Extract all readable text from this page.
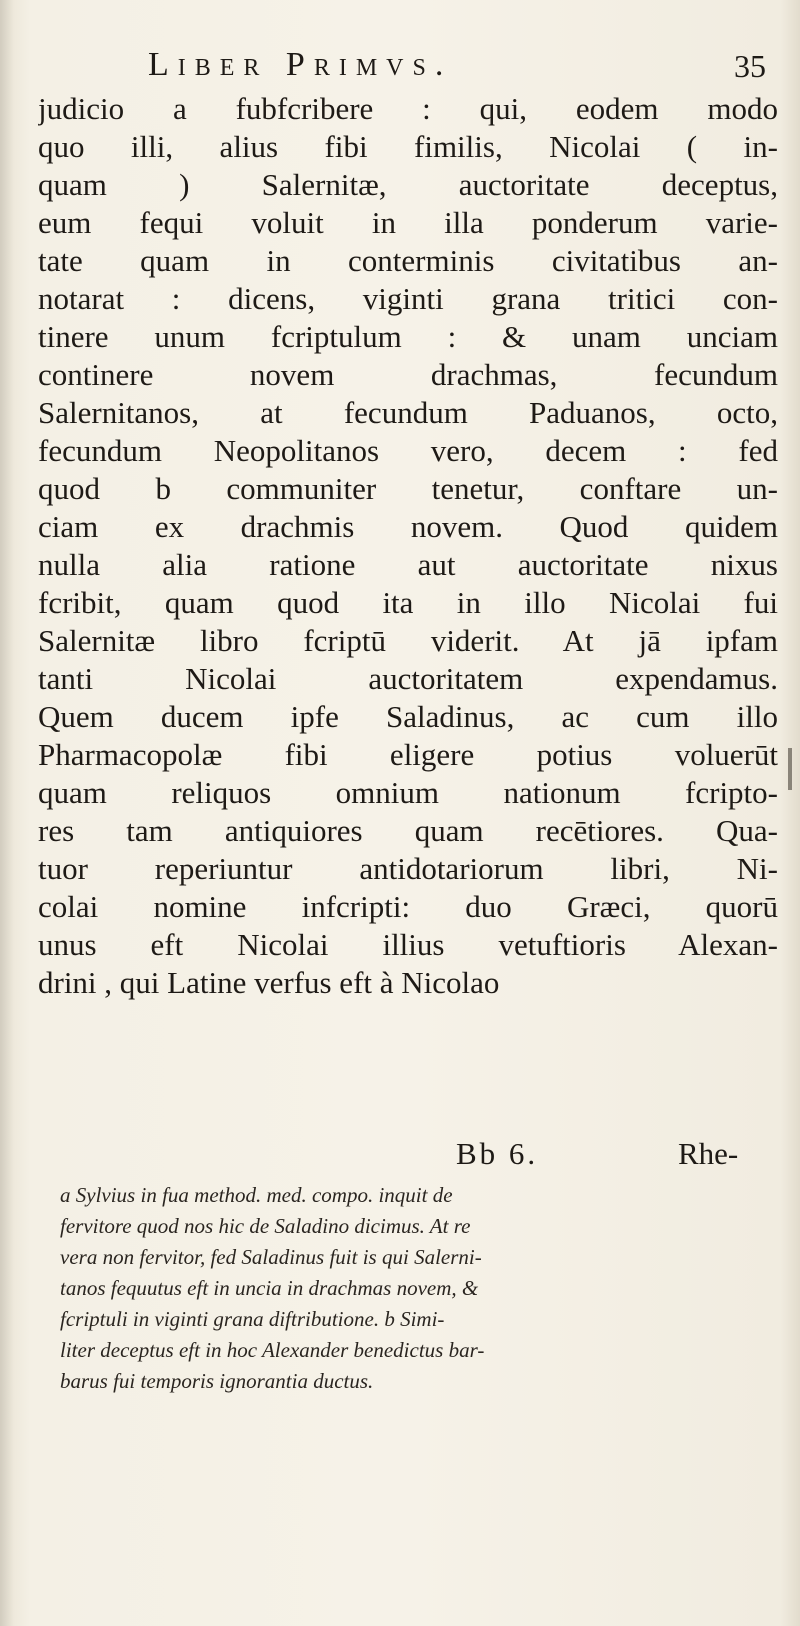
Liber Primvs.	35
judicio a fubfcribere : qui, eodem modo
quo illi, alius fibi fimilis, Nicolai ( in-
quam ) Salernitæ, auctoritate deceptus,
eum fequi voluit in illa ponderum varie-
tate quam in conterminis civitatibus an-
notarat : dicens, viginti grana tritici con-
tinere unum fcriptulum : & unam unciam
continere novem drachmas, fecundum
Salernitanos, at fecundum Paduanos, octo,
fecundum Neopolitanos vero, decem : fed
quod b communiter tenetur, conftare un-
ciam ex drachmis novem. Quod quidem
nulla alia ratione aut auctoritate nixus
fcribit, quam quod ita in illo Nicolai fui
Salernitæ libro fcriptū viderit. At jā ipfam
tanti Nicolai auctoritatem expendamus.
Quem ducem ipfe Saladinus, ac cum illo
Pharmacopolæ fibi eligere potius voluerūt
quam reliquos omnium nationum fcripto-
res tam antiquiores quam recētiores. Qua-
tuor reperiuntur antidotariorum libri, Ni-
colai nomine infcripti: duo Græci, quorū
unus eft Nicolai illius vetuftioris Alexan-
drini , qui Latine verfus eft à Nicolao
Bb 6.	Rhe-
a Sylvius in fua method. med. compo. inquit de
fervitore quod nos hic de Saladino dicimus. At re
vera non fervitor, fed Saladinus fuit is qui Salerni-
tanos fequutus eft in uncia in drachmas novem, &
fcriptuli in viginti grana diftributione. b Simi-
liter deceptus eft in hoc Alexander benedictus bar-
barus fui temporis ignorantia ductus.
